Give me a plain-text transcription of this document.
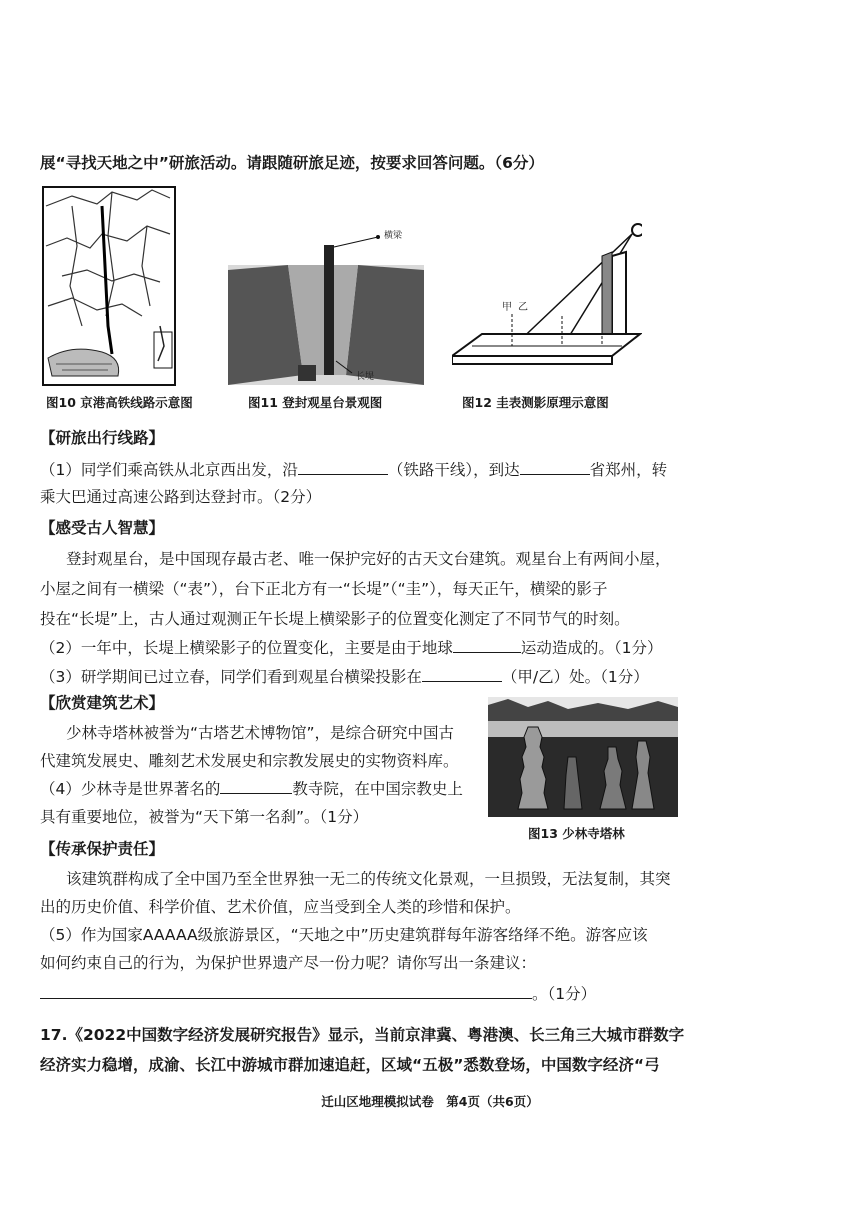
展“寻找天地之中”研旅活动。请跟随研旅足迹，按要求回答问题。（6分）
图10 京港高铁线路示意图
横梁
长堤
图11 登封观星台景观图
甲 乙
图12 圭表测影原理示意图
【研旅出行线路】
（1）同学们乘高铁从北京西出发，沿	（铁路干线），到达	省郑州，转
乘大巴通过高速公路到达登封市。（2分）
【感受古人智慧】
登封观星台，是中国现存最古老、唯一保护完好的古天文台建筑。观星台上有两间小屋，
小屋之间有一横梁（“表”），台下正北方有一“长堤”（“圭”），每天正午，横梁的影子
投在“长堤”上，古人通过观测正午长堤上横梁影子的位置变化测定了不同节气的时刻。
（2）一年中，长堤上横梁影子的位置变化，主要是由于地球	运动造成的。（1分）
（3）研学期间已过立春，同学们看到观星台横梁投影在	（甲/乙）处。（1分）
【欣赏建筑艺术】
少林寺塔林被誉为“古塔艺术博物馆”，是综合研究中国古
代建筑发展史、雕刻艺术发展史和宗教发展史的实物资料库。
（4）少林寺是世界著名的	教寺院，在中国宗教史上
具有重要地位，被誉为“天下第一名刹”。（1分）
图13 少林寺塔林
【传承保护责任】
该建筑群构成了全中国乃至全世界独一无二的传统文化景观，一旦损毁，无法复制，其突
出的历史价值、科学价值、艺术价值，应当受到全人类的珍惜和保护。
（5）作为国家AAAAA级旅游景区，“天地之中”历史建筑群每年游客络绎不绝。游客应该
如何约束自己的行为，为保护世界遗产尽一份力呢？请你写出一条建议：
。（1分）
17.《2022中国数字经济发展研究报告》显示，当前京津冀、粤港澳、长三角三大城市群数字
经济实力稳增，成渝、长江中游城市群加速追赶，区域“五极”悉数登场，中国数字经济“弓
迁山区地理模拟试卷　第4页（共6页）
